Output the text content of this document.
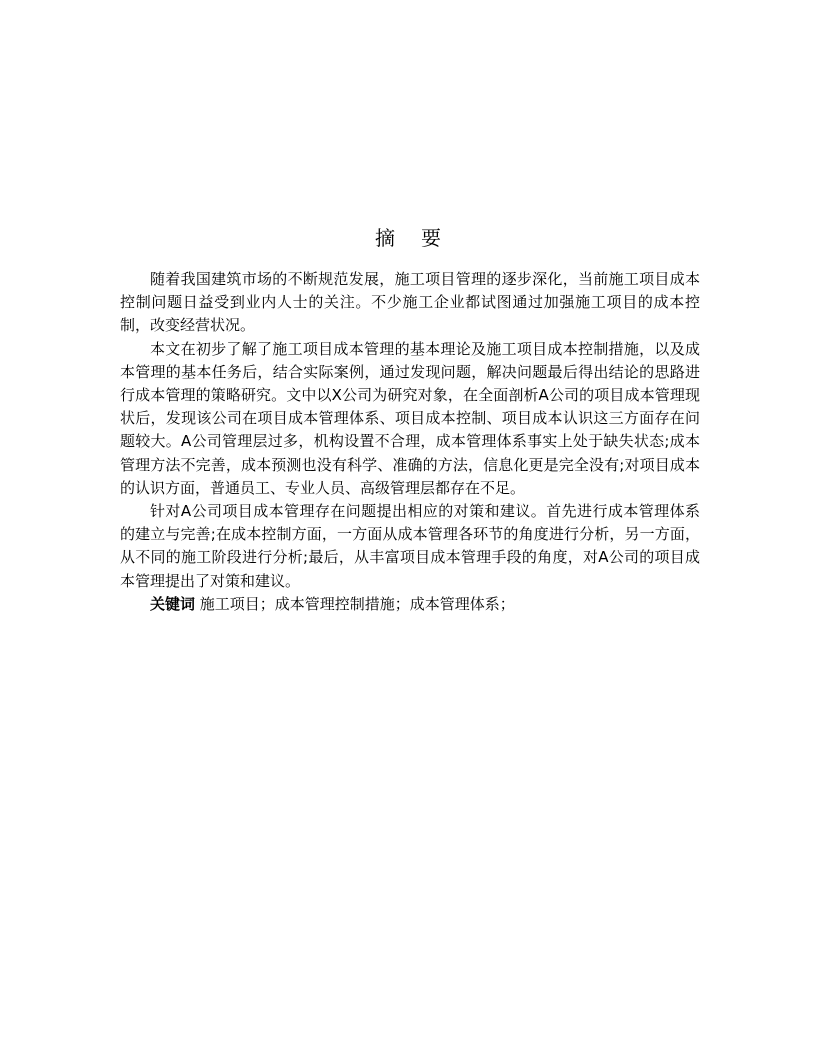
摘 要

随着我国建筑市场的不断规范发展，施工项目管理的逐步深化，当前施工项目成本控制问题日益受到业内人士的关注。不少施工企业都试图通过加强施工项目的成本控制，改变经营状况。

本文在初步了解了施工项目成本管理的基本理论及施工项目成本控制措施，以及成本管理的基本任务后，结合实际案例，通过发现问题，解决问题最后得出结论的思路进行成本管理的策略研究。文中以X公司为研究对象，在全面剖析A公司的项目成本管理现状后，发现该公司在项目成本管理体系、项目成本控制、项目成本认识这三方面存在问题较大。A公司管理层过多，机构设置不合理，成本管理体系事实上处于缺失状态;成本管理方法不完善，成本预测也没有科学、准确的方法，信息化更是完全没有;对项目成本的认识方面，普通员工、专业人员、高级管理层都存在不足。

针对A公司项目成本管理存在问题提出相应的对策和建议。首先进行成本管理体系的建立与完善;在成本控制方面，一方面从成本管理各环节的角度进行分析，另一方面，从不同的施工阶段进行分析;最后，从丰富项目成本管理手段的角度，对A公司的项目成本管理提出了对策和建议。

关键词 施工项目；成本管理控制措施；成本管理体系；
